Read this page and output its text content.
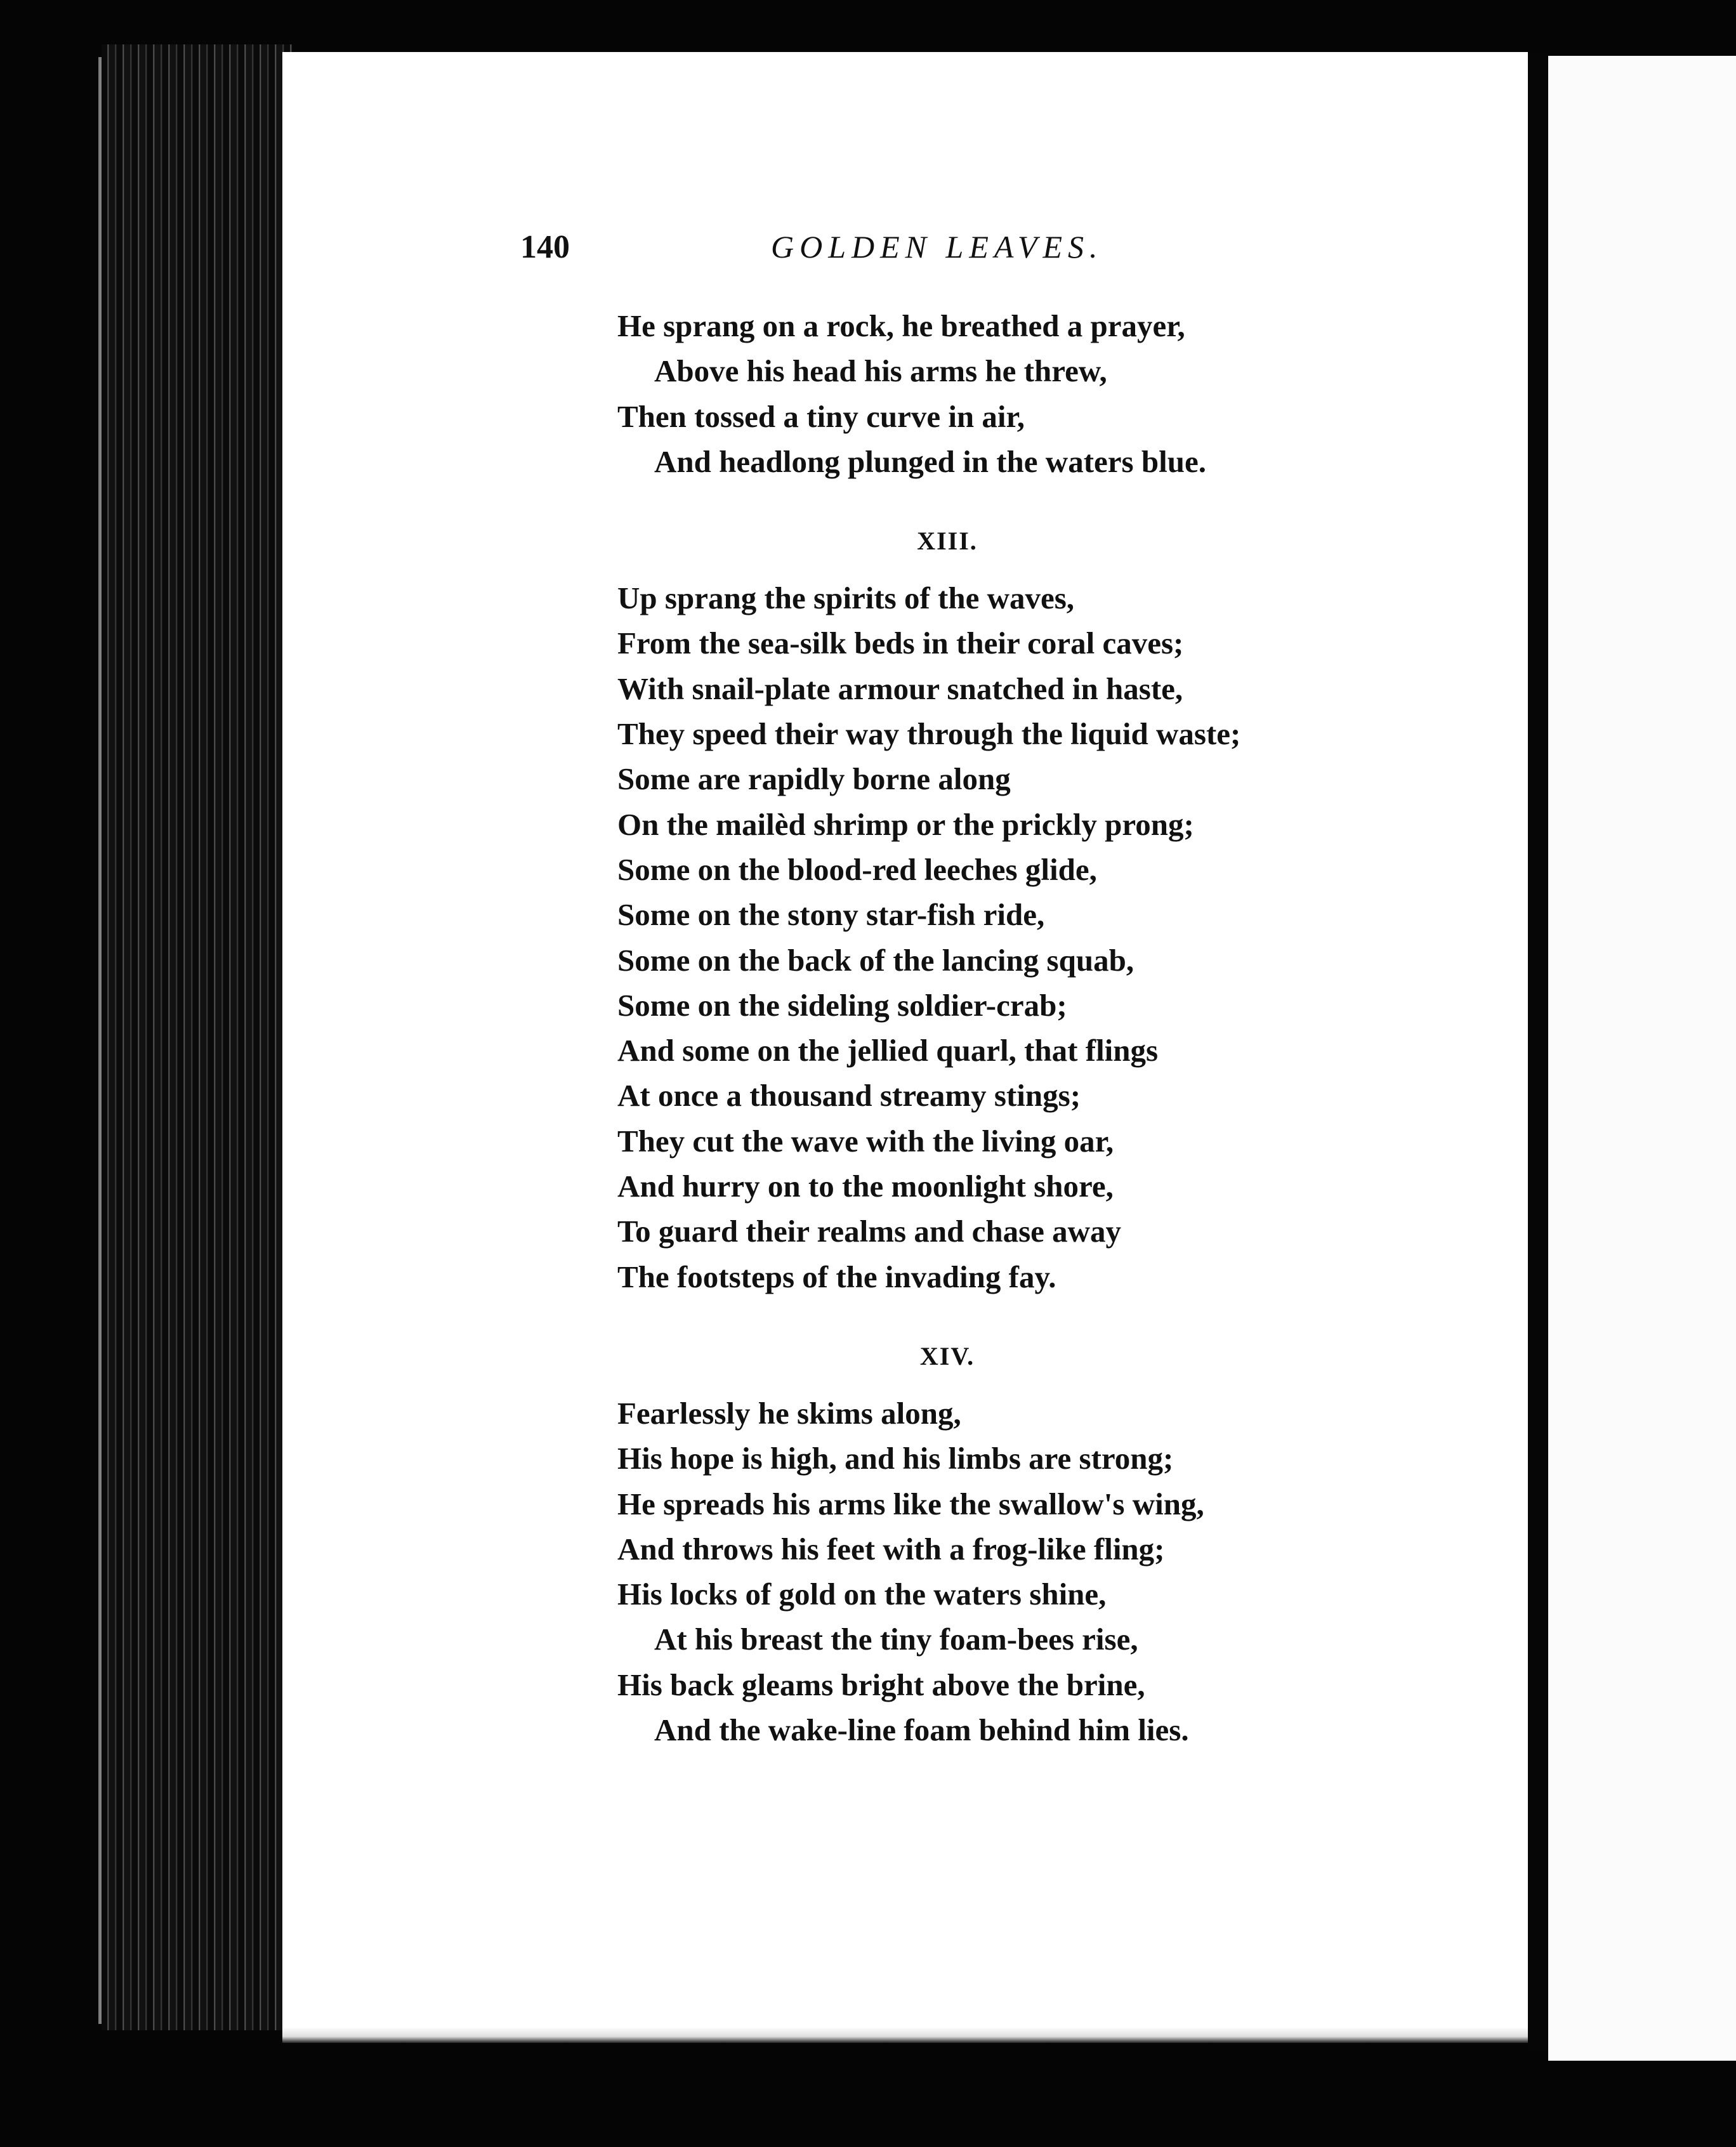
140	GOLDEN LEAVES.
He sprang on a rock, he breathed a prayer,
Above his head his arms he threw,
Then tossed a tiny curve in air,
And headlong plunged in the waters blue.
XIII.
Up sprang the spirits of the waves,
From the sea-silk beds in their coral caves;
With snail-plate armour snatched in haste,
They speed their way through the liquid waste;
Some are rapidly borne along
On the mailèd shrimp or the prickly prong;
Some on the blood-red leeches glide,
Some on the stony star-fish ride,
Some on the back of the lancing squab,
Some on the sideling soldier-crab;
And some on the jellied quarl, that flings
At once a thousand streamy stings;
They cut the wave with the living oar,
And hurry on to the moonlight shore,
To guard their realms and chase away
The footsteps of the invading fay.
XIV.
Fearlessly he skims along,
His hope is high, and his limbs are strong;
He spreads his arms like the swallow's wing,
And throws his feet with a frog-like fling;
His locks of gold on the waters shine,
At his breast the tiny foam-bees rise,
His back gleams bright above the brine,
And the wake-line foam behind him lies.
